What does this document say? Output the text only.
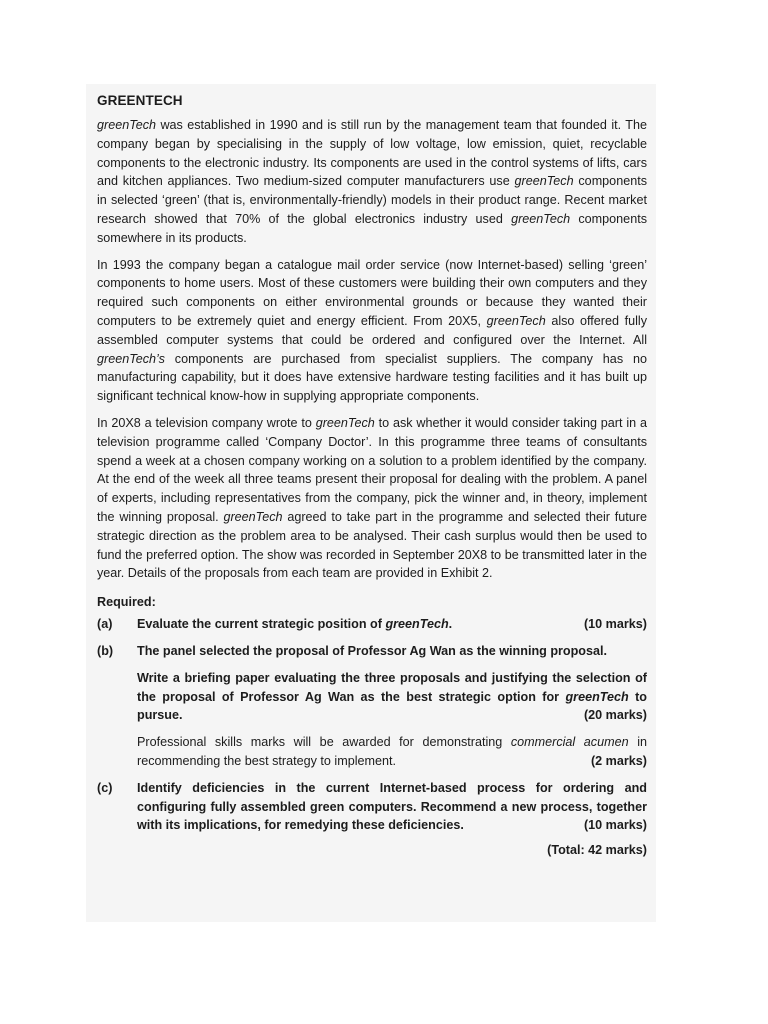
GREENTECH

greenTech was established in 1990 and is still run by the management team that founded it. The company began by specialising in the supply of low voltage, low emission, quiet, recyclable components to the electronic industry. Its components are used in the control systems of lifts, cars and kitchen appliances. Two medium-sized computer manufacturers use greenTech components in selected ‘green’ (that is, environmentally-friendly) models in their product range. Recent market research showed that 70% of the global electronics industry used greenTech components somewhere in its products.

In 1993 the company began a catalogue mail order service (now Internet-based) selling ‘green’ components to home users. Most of these customers were building their own computers and they required such components on either environmental grounds or because they wanted their computers to be extremely quiet and energy efficient. From 20X5, greenTech also offered fully assembled computer systems that could be ordered and configured over the Internet. All greenTech’s components are purchased from specialist suppliers. The company has no manufacturing capability, but it does have extensive hardware testing facilities and it has built up significant technical know-how in supplying appropriate components.

In 20X8 a television company wrote to greenTech to ask whether it would consider taking part in a television programme called ‘Company Doctor’. In this programme three teams of consultants spend a week at a chosen company working on a solution to a problem identified by the company. At the end of the week all three teams present their proposal for dealing with the problem. A panel of experts, including representatives from the company, pick the winner and, in theory, implement the winning proposal. greenTech agreed to take part in the programme and selected their future strategic direction as the problem area to be analysed. Their cash surplus would then be used to fund the preferred option. The show was recorded in September 20X8 to be transmitted later in the year. Details of the proposals from each team are provided in Exhibit 2.

Required:
(a) Evaluate the current strategic position of greenTech.	(10 marks)
(b) The panel selected the proposal of Professor Ag Wan as the winning proposal.
Write a briefing paper evaluating the three proposals and justifying the selection of the proposal of Professor Ag Wan as the best strategic option for greenTech to pursue.	(20 marks)
Professional skills marks will be awarded for demonstrating commercial acumen in recommending the best strategy to implement.	(2 marks)
(c) Identify deficiencies in the current Internet-based process for ordering and configuring fully assembled green computers. Recommend a new process, together with its implications, for remedying these deficiencies.	(10 marks)
(Total: 42 marks)
